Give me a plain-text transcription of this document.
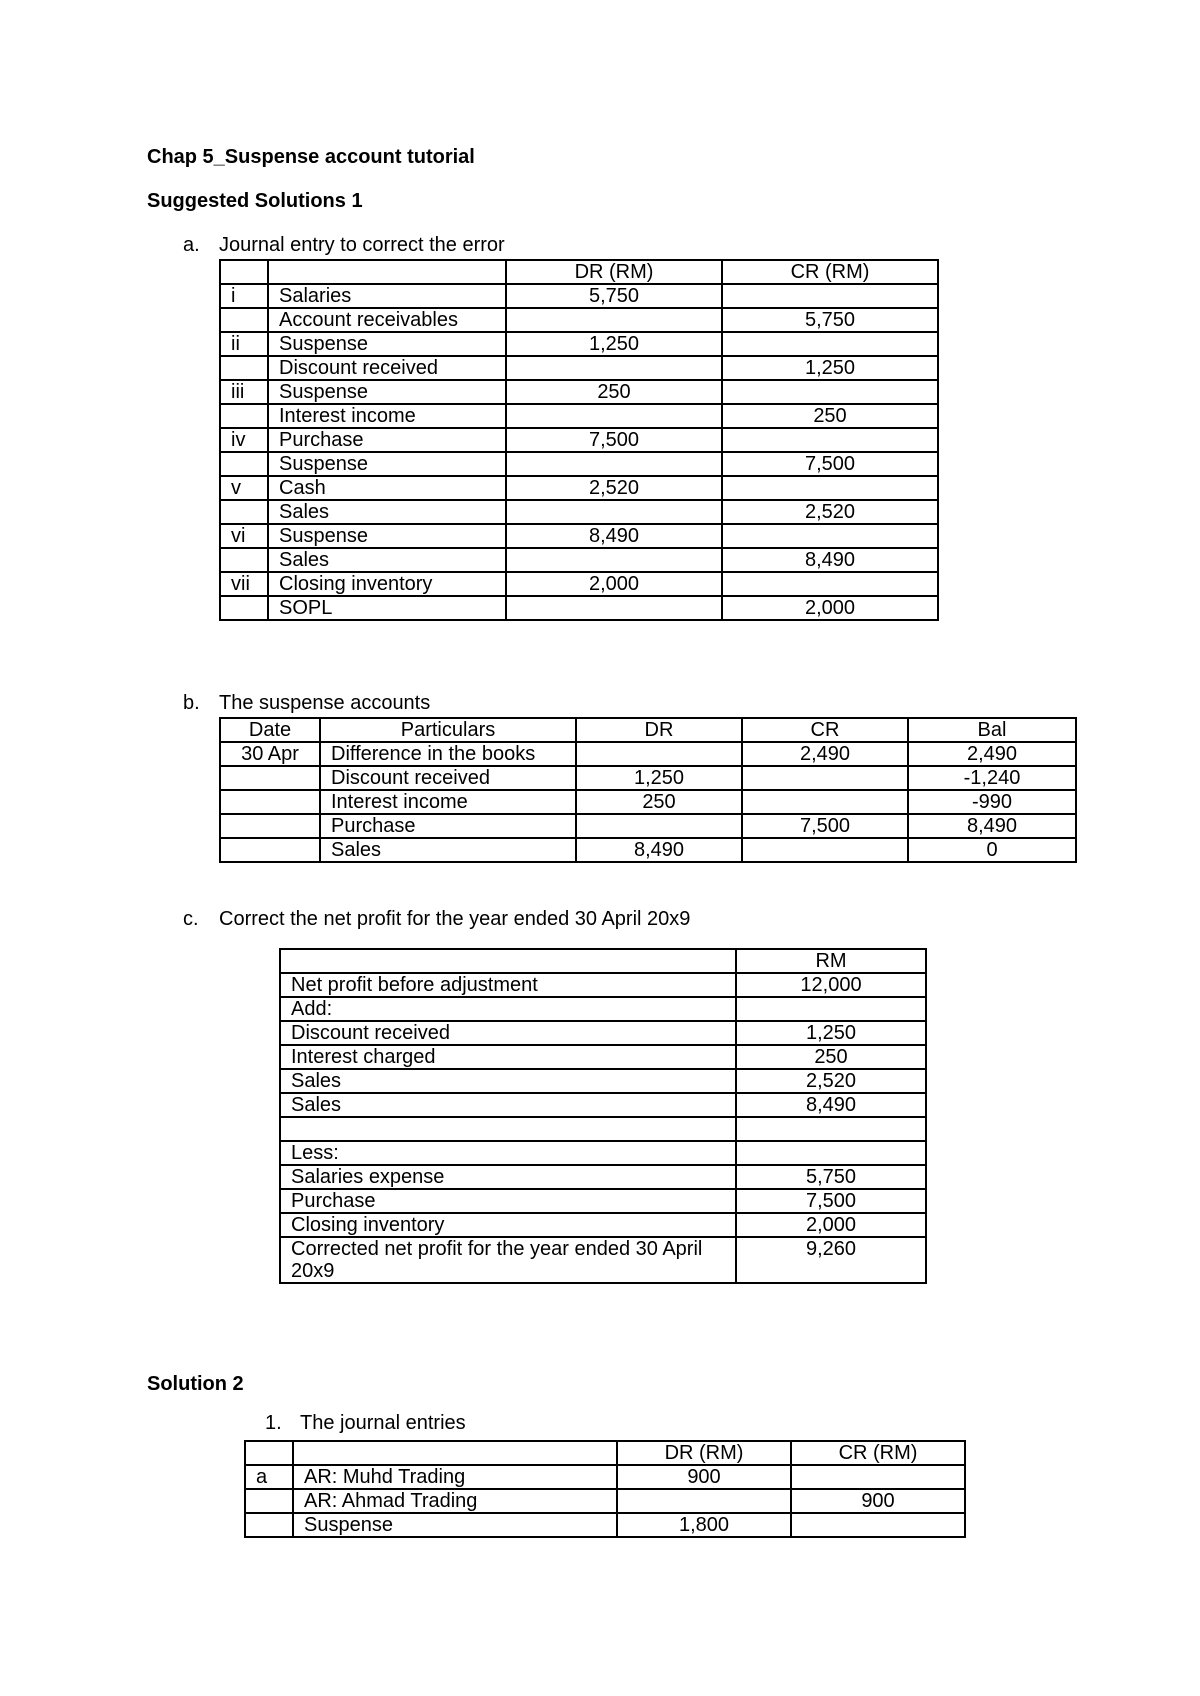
Chap 5_Suspense account tutorial
Suggested Solutions 1
a. Journal entry to correct the error
		DR (RM)	CR (RM)
i	Salaries	5,750	
	Account receivables		5,750
ii	Suspense	1,250	
	Discount received		1,250
iii	Suspense	250	
	Interest income		250
iv	Purchase	7,500	
	Suspense		7,500
v	Cash	2,520	
	Sales		2,520
vi	Suspense	8,490	
	Sales		8,490
vii	Closing inventory	2,000	
	SOPL		2,000
b. The suspense accounts
Date	Particulars	DR	CR	Bal
30 Apr	Difference in the books		2,490	2,490
	Discount received	1,250		-1,240
	Interest income	250		-990
	Purchase		7,500	8,490
	Sales	8,490		0
c. Correct the net profit for the year ended 30 April 20x9
	RM
Net profit before adjustment	12,000
Add:	
Discount received	1,250
Interest charged	250
Sales	2,520
Sales	8,490

Less:	
Salaries expense	5,750
Purchase	7,500
Closing inventory	2,000
Corrected net profit for the year ended 30 April 20x9	9,260
Solution 2
1. The journal entries
		DR (RM)	CR (RM)
a	AR: Muhd Trading	900	
	AR: Ahmad Trading		900
	Suspense	1,800	
